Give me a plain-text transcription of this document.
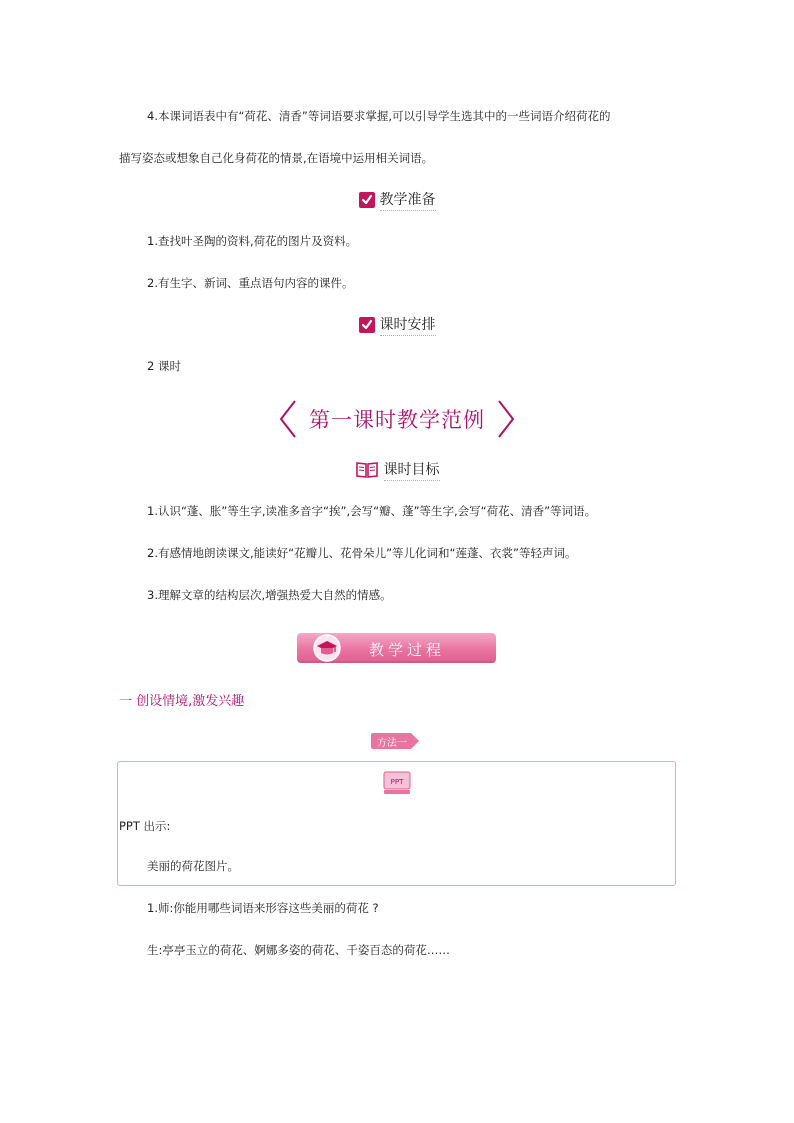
4.本课词语表中有“荷花、清香”等词语要求掌握,可以引导学生选其中的一些词语介绍荷花的
描写姿态或想象自己化身荷花的情景,在语境中运用相关词语。
教学准备
1.查找叶圣陶的资料,荷花的图片及资料。
2.有生字、新词、重点语句内容的课件。
课时安排
2 课时
第一课时教学范例
课时目标
1.认识“蓬、胀”等生字,读准多音字“挨”,会写“瓣、蓬”等生字,会写“荷花、清香”等词语。
2.有感情地朗读课文,能读好“花瓣儿、花骨朵儿”等儿化词和“莲蓬、衣裳”等轻声词。
3.理解文章的结构层次,增强热爱大自然的情感。
教学过程
一 创设情境,激发兴趣
方法一
PPT
PPT 出示:
美丽的荷花图片。
1.师:你能用哪些词语来形容这些美丽的荷花 ?
生:亭亭玉立的荷花、婀娜多姿的荷花、千姿百态的荷花……
